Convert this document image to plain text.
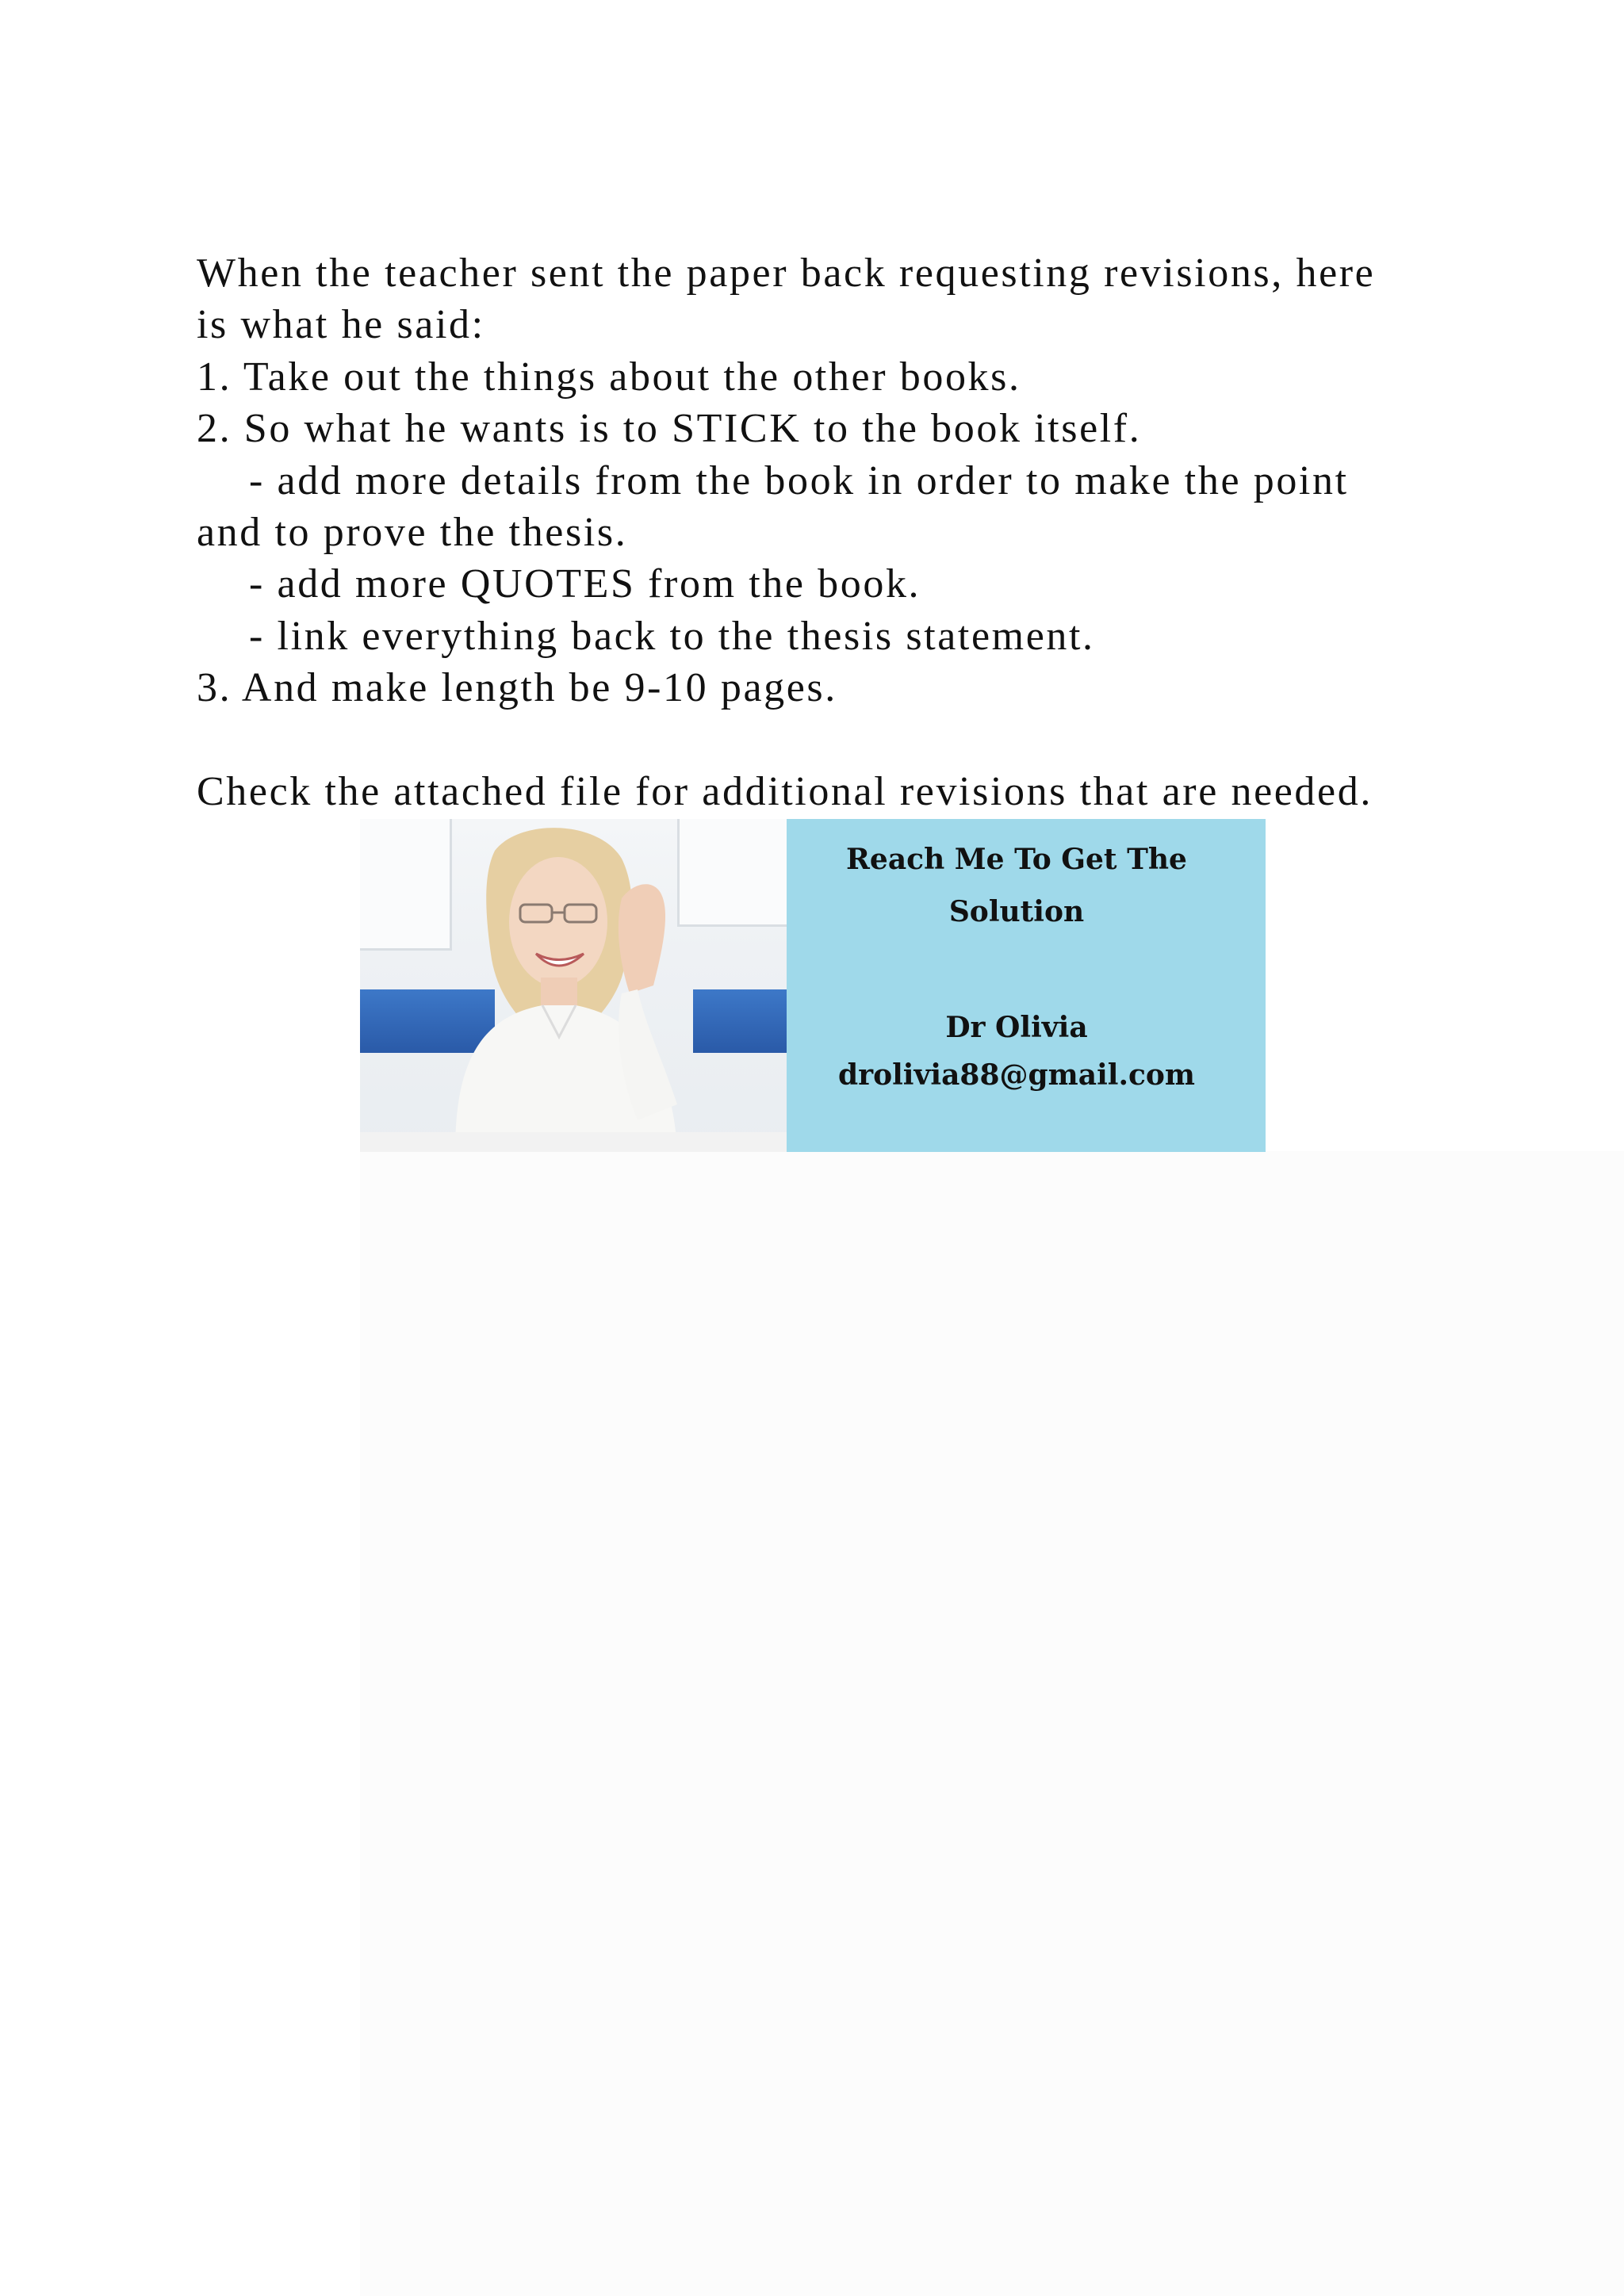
When the teacher sent the paper back requesting revisions, here
is what he said:
1. Take out the things about the other books.
2. So what he wants is to STICK to the book itself.
- add more details from the book in order to make the point
and to prove the thesis.
- add more QUOTES from the book.
- link everything back to the thesis statement.
3. And make length be 9-10 pages.
Check the attached file for additional revisions that are needed.
Reach Me To Get The
Solution
Dr Olivia
drolivia88@gmail.com
